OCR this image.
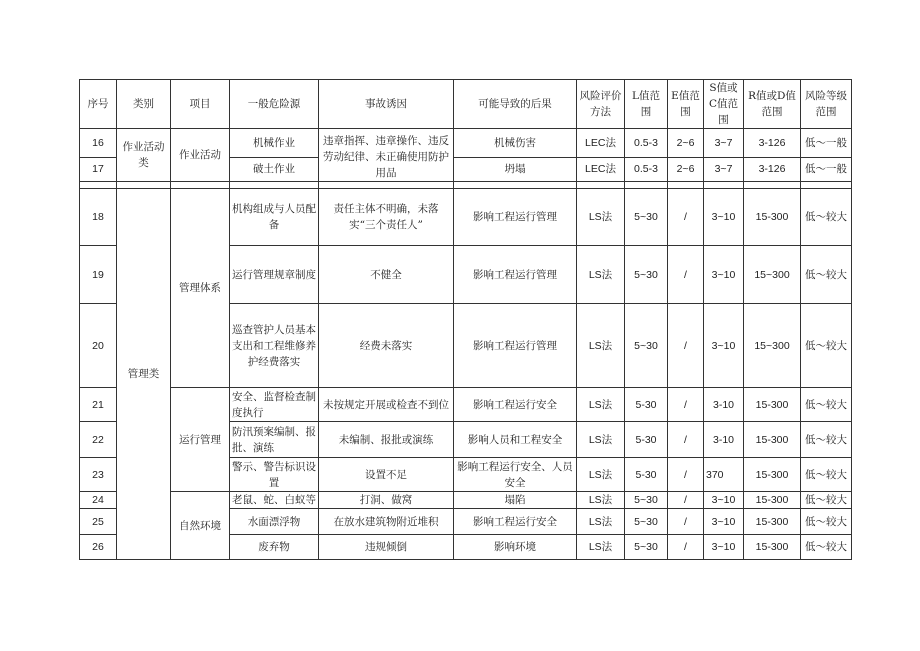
序号	类别	项目	一般危险源	事故诱因	可能导致的后果	风险评价方法	L值范围	E值范围	S值或C值范围	R值或D值范围	风险等级范围
16	作业活动类	作业活动	机械作业	违章指挥、违章操作、违反劳动纪律、未正确使用防护用品	机械伤害	LEC法	0.5-3	2~6	3~7	3-126	低～一般
17			破土作业		坍塌	LEC法	0.5-3	2~6	3~7	3-126	低～一般

18	管理类	管理体系	机构组成与人员配备	责任主体不明确，未落实“三个责任人”	影响工程运行管理	LS法	5~30	/	3~10	15-300	低～较大
19			运行管理规章制度	不健全	影响工程运行管理	LS法	5~30	/	3~10	15~300	低～较大
20			巡查管护人员基本支出和工程维修养护经费落实	经费未落实	影响工程运行管理	LS法	5~30	/	3~10	15~300	低～较大
21		运行管理	安全、监督检查制度执行	未按规定开展或检查不到位	影响工程运行安全	LS法	5-30	/	3-10	15-300	低～较大
22			防汛预案编制、报批、演练	未编制、报批或演练	影响人员和工程安全	LS法	5-30	/	3-10	15-300	低～较大
23			警示、警告标识设置	设置不足	影响工程运行安全、人员安全	LS法	5-30	/	370	15-300	低～较大
24		自然环境	老鼠、蛇、白蚁等	打洞、做窝	塌陷	LS法	5~30	/	3~10	15-300	低～较大
25			水面漂浮物	在放水建筑物附近堆积	影响工程运行安全	LS法	5~30	/	3~10	15-300	低～较大
26			废弃物	违规倾倒	影响环境	LS法	5~30	/	3~10	15-300	低～较大
